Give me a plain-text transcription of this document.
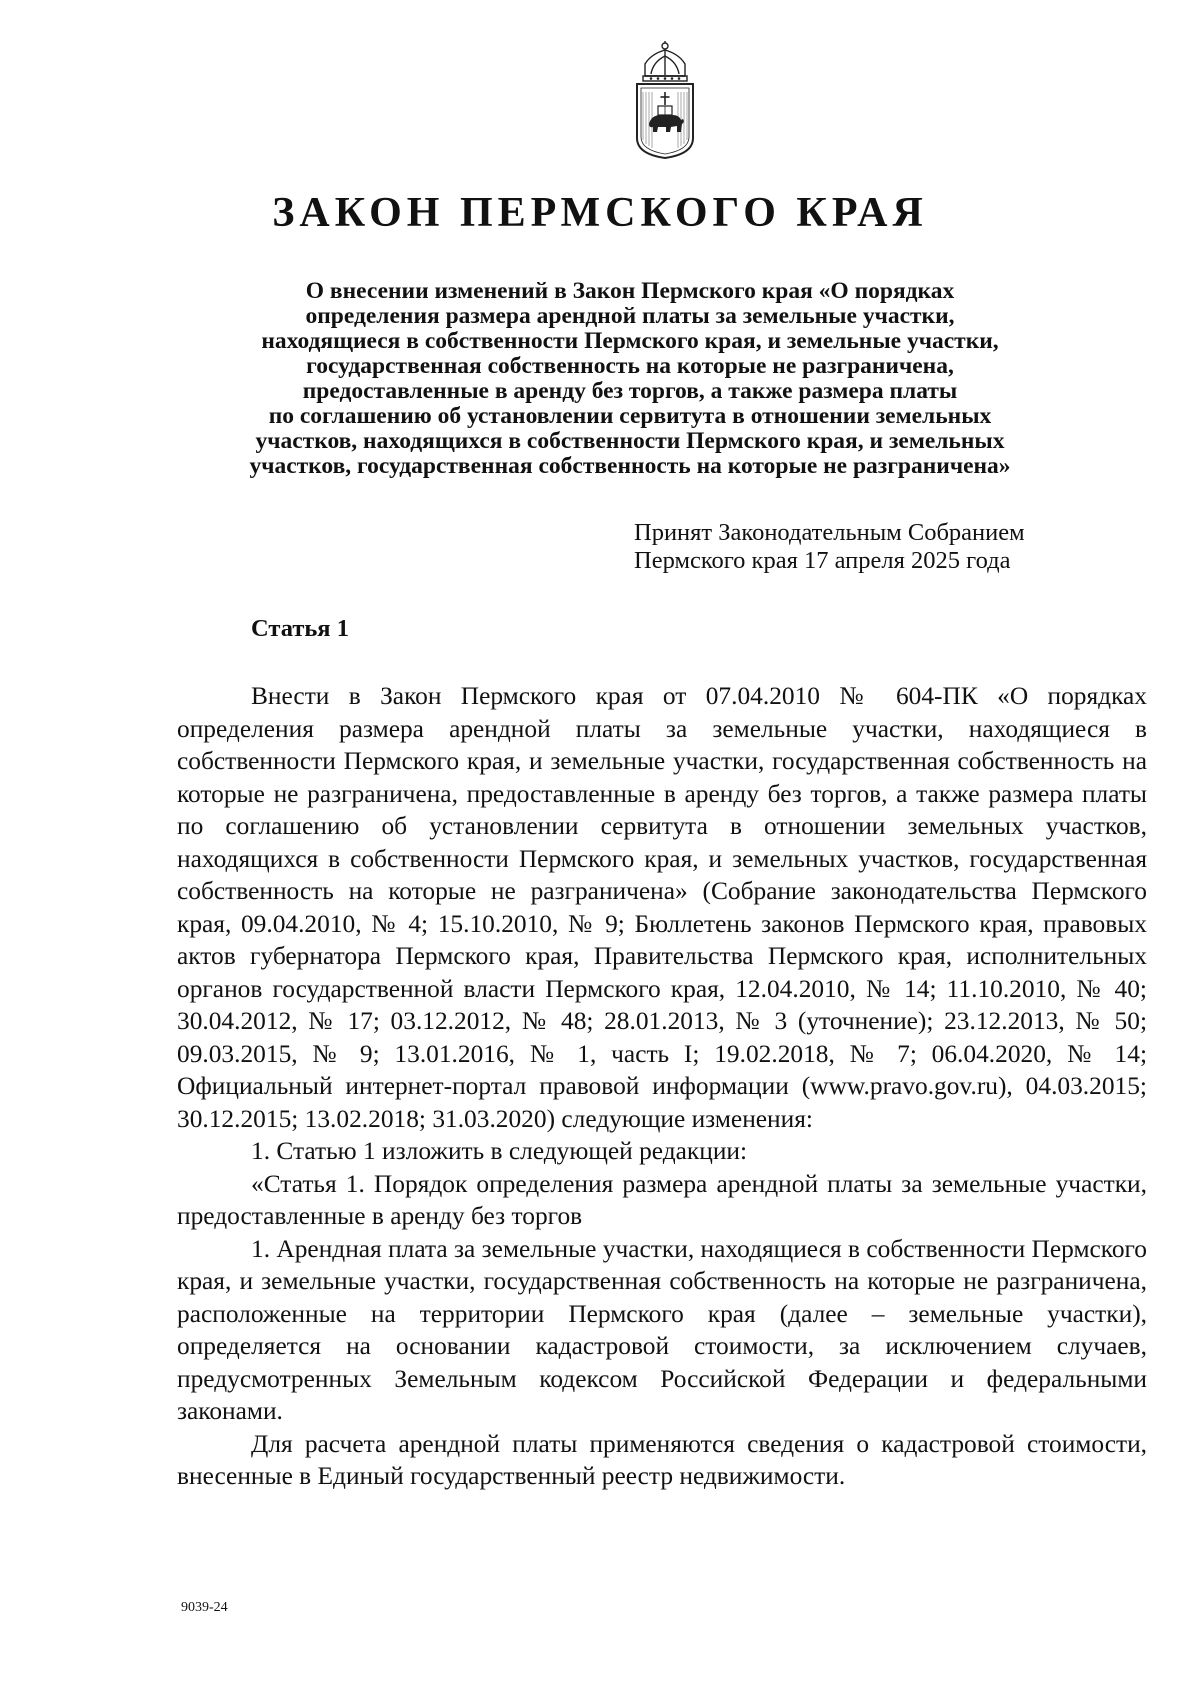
ЗАКОН ПЕРМСКОГО КРАЯ
О внесении изменений в Закон Пермского края «О порядках
определения размера арендной платы за земельные участки,
находящиеся в собственности Пермского края, и земельные участки,
государственная собственность на которые не разграничена,
предоставленные в аренду без торгов, а также размера платы
по соглашению об установлении сервитута в отношении земельных
участков, находящихся в собственности Пермского края, и земельных
участков, государственная собственность на которые не разграничена»
Принят Законодательным Собранием
Пермского края 17 апреля 2025 года
Статья 1

Внести в Закон Пермского края от 07.04.2010 № 604-ПК «О порядках определения размера арендной платы за земельные участки, находящиеся в собственности Пермского края, и земельные участки, государственная собственность на которые не разграничена, предоставленные в аренду без торгов, а также размера платы по соглашению об установлении сервитута в отношении земельных участков, находящихся в собственности Пермского края, и земельных участков, государственная собственность на которые не разграничена» (Собрание законодательства Пермского края, 09.04.2010, № 4; 15.10.2010, № 9; Бюллетень законов Пермского края, правовых актов губернатора Пермского края, Правительства Пермского края, исполнительных органов государственной власти Пермского края, 12.04.2010, № 14; 11.10.2010, № 40; 30.04.2012, № 17; 03.12.2012, № 48; 28.01.2013, № 3 (уточнение); 23.12.2013, № 50; 09.03.2015, № 9; 13.01.2016, № 1, часть I; 19.02.2018, № 7; 06.04.2020, № 14; Официальный интернет-портал правовой информации (www.pravo.gov.ru), 04.03.2015; 30.12.2015; 13.02.2018; 31.03.2020) следующие изменения:

1. Статью 1 изложить в следующей редакции:

«Статья 1. Порядок определения размера арендной платы за земельные участки, предоставленные в аренду без торгов

1. Арендная плата за земельные участки, находящиеся в собственности Пермского края, и земельные участки, государственная собственность на которые не разграничена, расположенные на территории Пермского края (далее – земельные участки), определяется на основании кадастровой стоимости, за исключением случаев, предусмотренных Земельным кодексом Российской Федерации и федеральными законами.

Для расчета арендной платы применяются сведения о кадастровой стоимости, внесенные в Единый государственный реестр недвижимости.

9039-24
